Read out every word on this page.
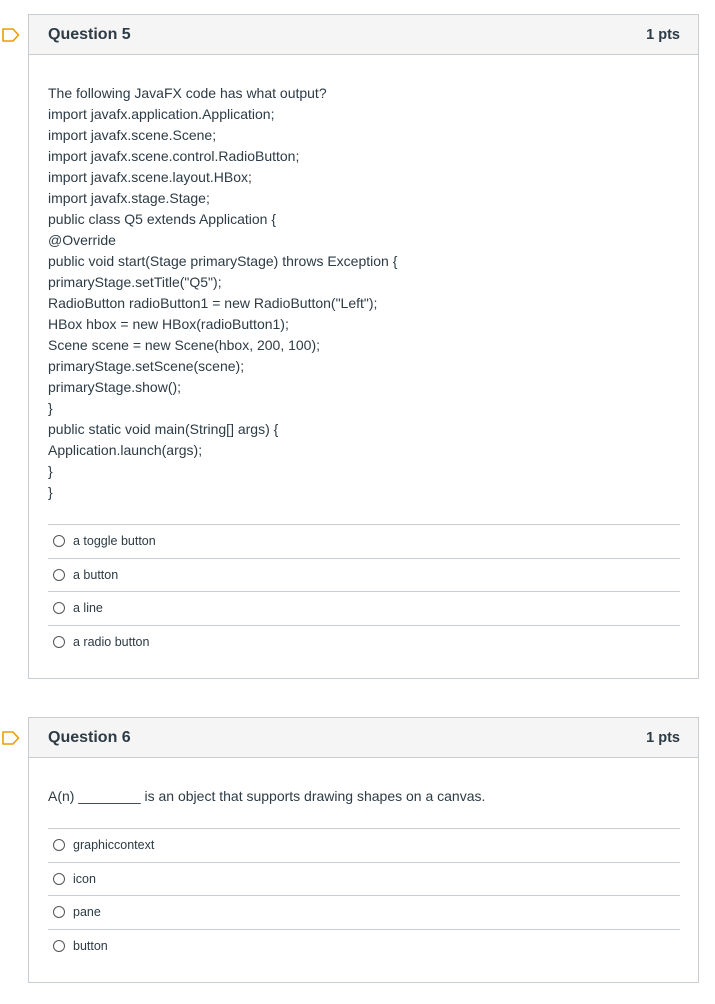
Question 5	1 pts
The following JavaFX code has what output?
import javafx.application.Application;
import javafx.scene.Scene;
import javafx.scene.control.RadioButton;
import javafx.scene.layout.HBox;
import javafx.stage.Stage;
public class Q5 extends Application {
@Override
public void start(Stage primaryStage) throws Exception {
primaryStage.setTitle("Q5");
RadioButton radioButton1 = new RadioButton("Left");
HBox hbox = new HBox(radioButton1);
Scene scene = new Scene(hbox, 200, 100);
primaryStage.setScene(scene);
primaryStage.show();
}
public static void main(String[] args) {
Application.launch(args);
}
}
a toggle button
a button
a line
a radio button
Question 6	1 pts
A(n) ________ is an object that supports drawing shapes on a canvas.
graphiccontext
icon
pane
button
